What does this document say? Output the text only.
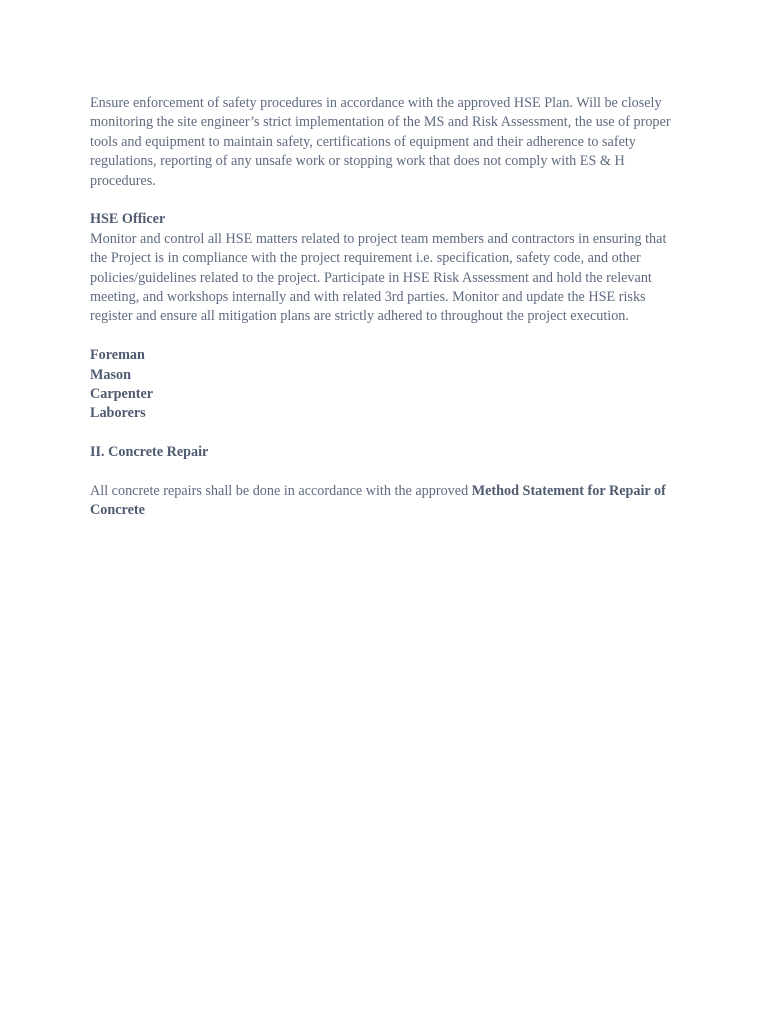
Ensure enforcement of safety procedures in accordance with the approved HSE Plan. Will be closely monitoring the site engineer’s strict implementation of the MS and Risk Assessment, the use of proper tools and equipment to maintain safety, certifications of equipment and their adherence to safety regulations, reporting of any unsafe work or stopping work that does not comply with ES & H procedures.

HSE Officer

Monitor and control all HSE matters related to project team members and contractors in ensuring that the Project is in compliance with the project requirement i.e. specification, safety code, and other policies/guidelines related to the project. Participate in HSE Risk Assessment and hold the relevant meeting, and workshops internally and with related 3rd parties. Monitor and update the HSE risks register and ensure all mitigation plans are strictly adhered to throughout the project execution.

Foreman
Mason
Carpenter
Laborers

II. Concrete Repair

All concrete repairs shall be done in accordance with the approved Method Statement for Repair of Concrete
